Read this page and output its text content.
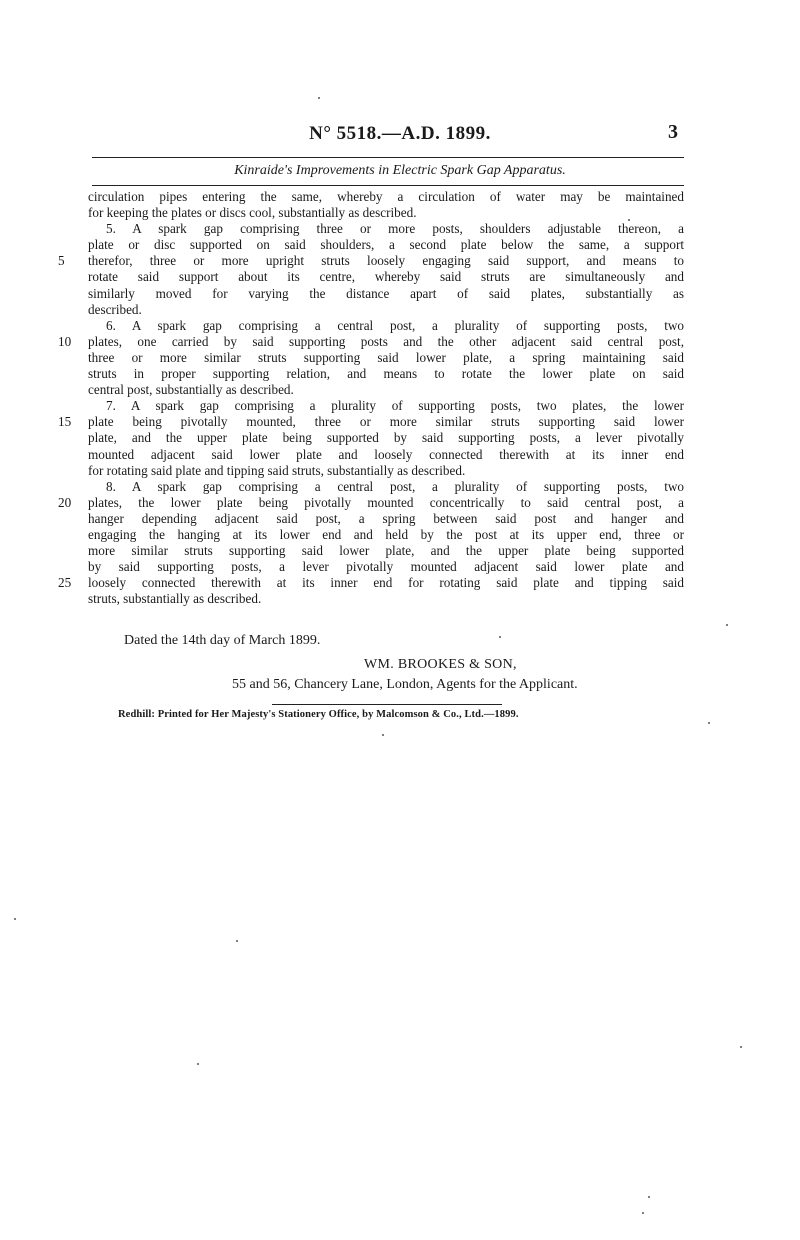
N° 5518.—A.D. 1899.	3
Kinraide's Improvements in Electric Spark Gap Apparatus.
circulation pipes entering the same, whereby a circulation of water may be maintained
for keeping the plates or discs cool, substantially as described.
5. A spark gap comprising three or more posts, shoulders adjustable thereon, a
plate or disc supported on said shoulders, a second plate below the same, a support
5	therefor, three or more upright struts loosely engaging said support, and means to
rotate said support about its centre, whereby said struts are simultaneously and
similarly moved for varying the distance apart of said plates, substantially as
described.
6. A spark gap comprising a central post, a plurality of supporting posts, two
10	plates, one carried by said supporting posts and the other adjacent said central post,
three or more similar struts supporting said lower plate, a spring maintaining said
struts in proper supporting relation, and means to rotate the lower plate on said
central post, substantially as described.
7. A spark gap comprising a plurality of supporting posts, two plates, the lower
15	plate being pivotally mounted, three or more similar struts supporting said lower
plate, and the upper plate being supported by said supporting posts, a lever pivotally
mounted adjacent said lower plate and loosely connected therewith at its inner end
for rotating said plate and tipping said struts, substantially as described.
8. A spark gap comprising a central post, a plurality of supporting posts, two
20	plates, the lower plate being pivotally mounted concentrically to said central post, a
hanger depending adjacent said post, a spring between said post and hanger and
engaging the hanging at its lower end and held by the post at its upper end, three or
more similar struts supporting said lower plate, and the upper plate being supported
by said supporting posts, a lever pivotally mounted adjacent said lower plate and
25	loosely connected therewith at its inner end for rotating said plate and tipping said
struts, substantially as described.
Dated the 14th day of March 1899.
WM. BROOKES & SON,
55 and 56, Chancery Lane, London, Agents for the Applicant.
Redhill: Printed for Her Majesty's Stationery Office, by Malcomson & Co., Ltd.—1899.
